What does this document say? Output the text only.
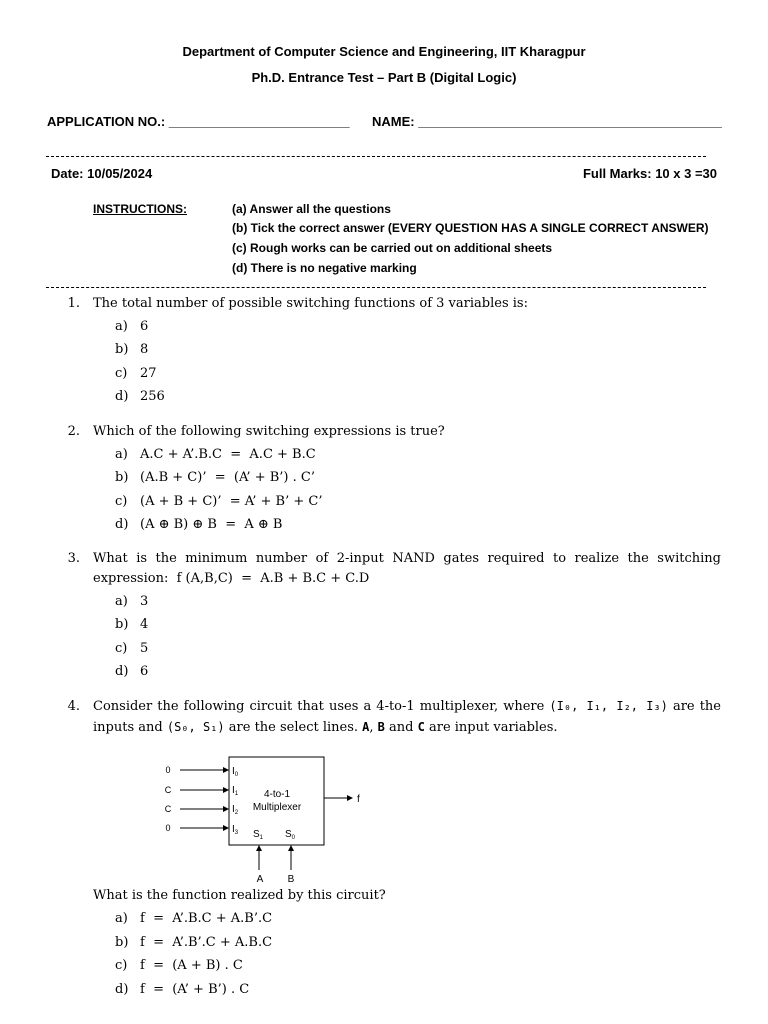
Department of Computer Science and Engineering, IIT Kharagpur
Ph.D. Entrance Test – Part B (Digital Logic)
APPLICATION NO.: _________________________ NAME: __________________________________________
Date: 10/05/2024	Full Marks: 10 x 3 =30
INSTRUCTIONS:	(a) Answer all the questions
(b) Tick the correct answer (EVERY QUESTION HAS A SINGLE CORRECT ANSWER)
(c) Rough works can be carried out on additional sheets
(d) There is no negative marking
1. The total number of possible switching functions of 3 variables is:
a) 6
b) 8
c) 27
d) 256
2. Which of the following switching expressions is true?
a) A.C + A’.B.C  =  A.C + B.C
b) (A.B + C)’  =  (A’ + B’) . C’
c) (A + B + C)’  = A’ + B’ + C’
d) (A ⊕ B) ⊕ B  =  A ⊕ B
3. What is the minimum number of 2-input NAND gates required to realize the switching
expression:  f (A,B,C)  =  A.B + B.C + C.D
a) 3
b) 4
c) 5
d) 6
4. Consider the following circuit that uses a 4-to-1 multiplexer, where (I₀, I₁, I₂, I₃) are the
inputs and (S₀, S₁) are the select lines. A, B and C are input variables.
4-to-1
Multiplexer
0
C
C
0
$I_0$
$I_1$
$I_2$
$I_3$ $S_1$ $S_0$
A B
f
What is the function realized by this circuit?
a) f  =  A’.B.C + A.B’.C
b) f  =  A’.B’.C + A.B.C
c) f  =  (A + B) . C
d) f  =  (A’ + B’) . C
